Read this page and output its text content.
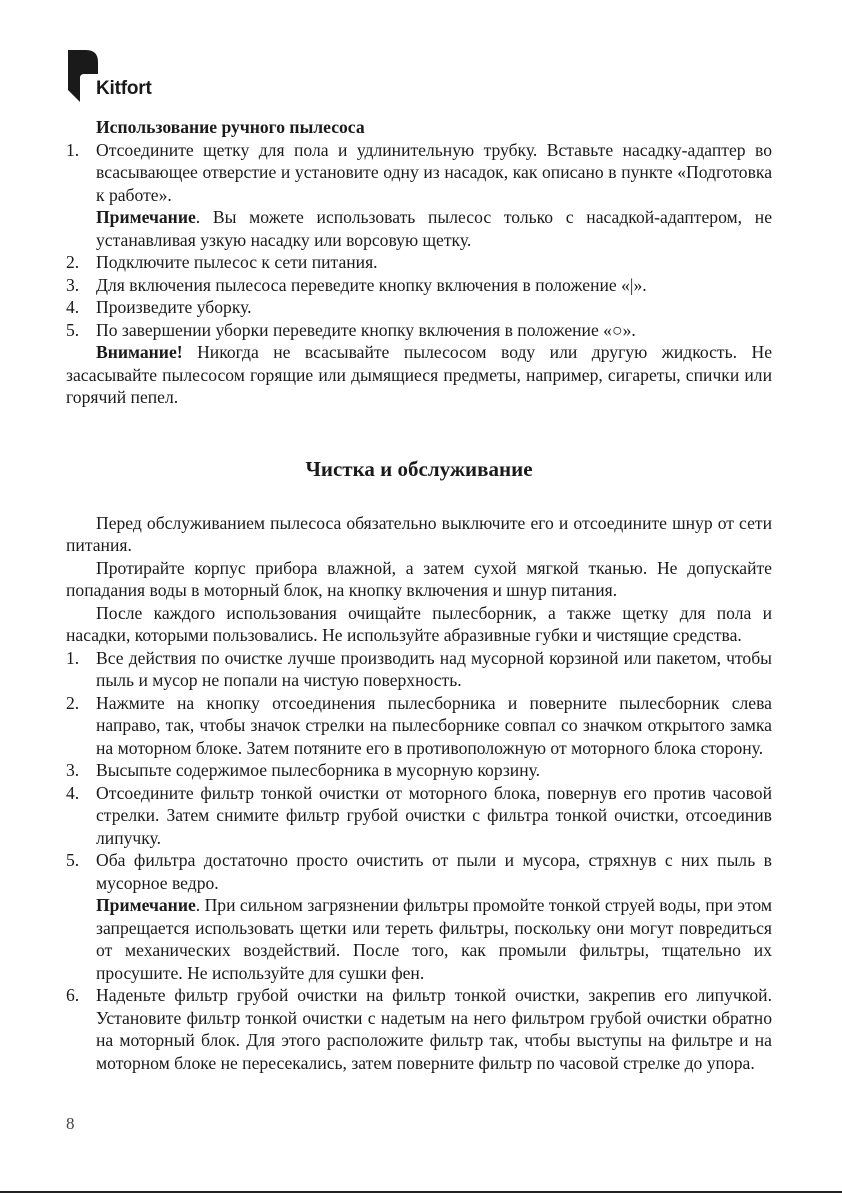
Kitfort

Использование ручного пылесоса

1. Отсоедините щетку для пола и удлинительную трубку. Вставьте насадку-адаптер во всасывающее отверстие и установите одну из насадок, как описано в пункте «Подготовка к работе».

Примечание. Вы можете использовать пылесос только с насадкой-адаптером, не устанавливая узкую насадку или ворсовую щетку.

2. Подключите пылесос к сети питания.

3. Для включения пылесоса переведите кнопку включения в положение «|».

4. Произведите уборку.

5. По завершении уборки переведите кнопку включения в положение «○».

Внимание! Никогда не всасывайте пылесосом воду или другую жидкость. Не засасывайте пылесосом горящие или дымящиеся предметы, например, сигареты, спички или горячий пепел.

Чистка и обслуживание

Перед обслуживанием пылесоса обязательно выключите его и отсоедините шнур от сети питания.

Протирайте корпус прибора влажной, а затем сухой мягкой тканью. Не допускайте попадания воды в моторный блок, на кнопку включения и шнур питания.

После каждого использования очищайте пылесборник, а также щетку для пола и насадки, которыми пользовались. Не используйте абразивные губки и чистящие средства.

1. Все действия по очистке лучше производить над мусорной корзиной или пакетом, чтобы пыль и мусор не попали на чистую поверхность.

2. Нажмите на кнопку отсоединения пылесборника и поверните пылесборник слева направо, так, чтобы значок стрелки на пылесборнике совпал со значком открытого замка на моторном блоке. Затем потяните его в противоположную от моторного блока сторону.

3. Высыпьте содержимое пылесборника в мусорную корзину.

4. Отсоедините фильтр тонкой очистки от моторного блока, повернув его против часовой стрелки. Затем снимите фильтр грубой очистки с фильтра тонкой очистки, отсоединив липучку.

5. Оба фильтра достаточно просто очистить от пыли и мусора, стряхнув с них пыль в мусорное ведро.

Примечание. При сильном загрязнении фильтры промойте тонкой струей воды, при этом запрещается использовать щетки или тереть фильтры, поскольку они могут повредиться от механических воздействий. После того, как промыли фильтры, тщательно их просушите. Не используйте для сушки фен.

6. Наденьте фильтр грубой очистки на фильтр тонкой очистки, закрепив его липучкой. Установите фильтр тонкой очистки с надетым на него фильтром грубой очистки обратно на моторный блок. Для этого расположите фильтр так, чтобы выступы на фильтре и на моторном блоке не пересекались, затем поверните фильтр по часовой стрелке до упора.

8
